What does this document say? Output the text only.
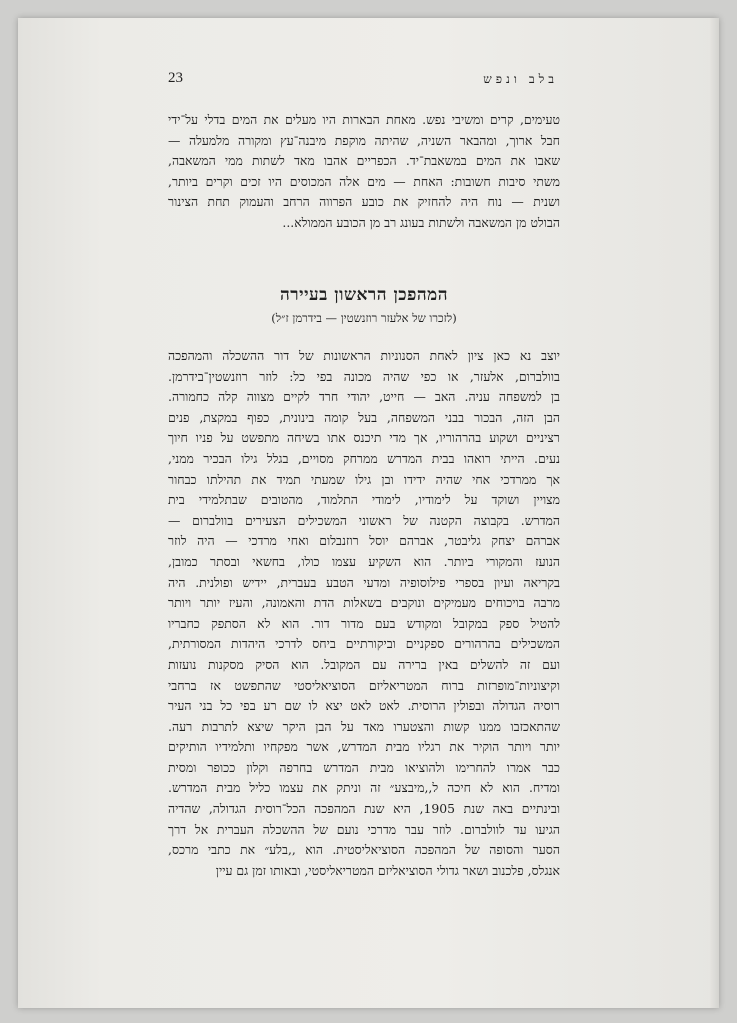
23	בלב ונפש

טעימים, קרים ומשיבי נפש. מאחת הבארות היו מעלים את המים בדלי על־ידי
חבל ארוך, ומהבאר השניה, שהיתה מוקפת מיבנה־עץ ומקורה מלמעלה —
שאבו את המים במשאבת־יד. הכפריים אהבו מאד לשתות ממי המשאבה,
משתי סיבות חשובות: האחת — מים אלה המכוסים היו זכים וקרים ביותר,
ושנית — נוח היה להחזיק את כובע הפרווה הרחב והעמוק תחת הצינור
הבולט מן המשאבה ולשתות בעונג רב מן הכובע הממולא...

המהפכן הראשון בעיירה
(לזכרו של אלעזר רוזנשטין — בידרמן ז״ל)

יוצב נא כאן ציון לאחת הסנוניות הראשונות של דור ההשכלה והמהפכה
בוולברום, אלעזר, או כפי שהיה מכונה בפי כל: לוזר רוזנשטין־בידרמן.
בן למשפחה עניה. האב — חייט, יהודי חרד לקיים מצווה קלה כחמורה.
הבן הזה, הבכור בבני המשפחה, בעל קומה בינונית, כפוף במקצת, פנים
רציניים ושקוע בהרהוריו, אך מדי תיכנס אתו בשיחה מתפשט על פניו חיוך
נעים. הייתי רואהו בבית המדרש ממרחק מסויים, בגלל גילו הבכיר ממני,
אך ממרדכי אחי שהיה ידידו ובן גילו שמעתי תמיד את תהילתו כבחור
מצויין ושוקד על לימודיו, לימודי התלמוד, מהטובים שבתלמידי בית
המדרש. בקבוצה הקטנה של ראשוני המשכילים הצעירים בוולברום —
אברהם יצחק גליבטר, אברהם יוסל רוזנבלום ואחי מרדכי — היה לוזר
הנועז והמקורי ביותר. הוא השקיע עצמו כולו, בחשאי ובסתר כמובן,
בקריאה ועיון בספרי פילוסופיה ומדעי הטבע בעברית, יידיש ופולנית. היה
מרבה בויכוחים מעמיקים ונוקבים בשאלות הדת והאמונה, והעיז יותר ויותר
להטיל ספק במקובל ומקודש בעם מדור דור. הוא לא הסתפק כחבריו
המשכילים בהרהורים ספקניים וביקורתיים ביחס לדרכי היהדות המסורתית,
ועם זה להשלים באין ברירה עם המקובל. הוא הסיק מסקנות נועזות
וקיצוניות־מופרזות ברוח המטריאליזם הסוציאליסטי שהתפשט אז ברחבי
רוסיה הגדולה ובפולין הרוסית. לאט לאט יצא לו שם רע בפי כל בני העיר
שהתאכזבו ממנו קשות והצטערו מאד על הבן היקר שיצא לתרבות רעה.
יותר ויותר הוקיר את רגליו מבית המדרש, אשר מפקחיו ותלמידיו הותיקים
כבר אמרו להחרימו ולהוציאו מבית המדרש בחרפה וקלון ככופר ומסית
ומדיח. הוא לא חיכה ל,,מיבצע״ זה וניתק את עצמו כליל מבית המדרש.
ובינתיים באה שנת 1905, היא שנת המהפכה הכל־רוסית הגדולה, שהדיה
הגיעו עד לוולברום. לוזר עבר מדרכי נועם של ההשכלה העברית אל דרך
הסער והסופה של המהפכה הסוציאליסטית. הוא ,,בלע״ את כתבי מרכס,
אנגלס, פלכנוב ושאר גדולי הסוציאליזם המטריאליסטי, ובאותו זמן גם עיין
